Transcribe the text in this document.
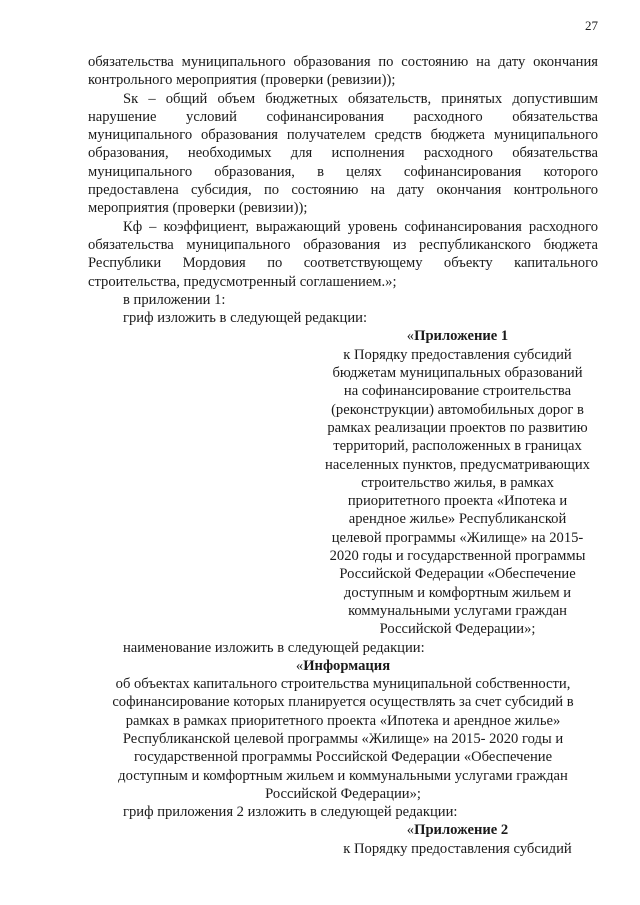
27

обязательства муниципального образования по состоянию на дату окончания контрольного мероприятия (проверки (ревизии));

Sк – общий объем бюджетных обязательств, принятых допустившим нарушение условий софинансирования расходного обязательства муниципального образования получателем средств бюджета муниципального образования, необходимых для исполнения расходного обязательства муниципального образования, в целях софинансирования которого предоставлена субсидия, по состоянию на дату окончания контрольного мероприятия (проверки (ревизии));

Кф – коэффициент, выражающий уровень софинансирования расходного обязательства муниципального образования из республиканского бюджета Республики Мордовия по соответствующему объекту капитального строительства, предусмотренный соглашением.»;

в приложении 1:

гриф изложить в следующей редакции:

«Приложение 1

к Порядку предоставления субсидий

бюджетам муниципальных образований

на софинансирование строительства

(реконструкции) автомобильных дорог в

рамках реализации проектов по развитию

территорий, расположенных в границах

населенных пунктов, предусматривающих

строительство жилья, в рамках

приоритетного проекта «Ипотека и

арендное жилье» Республиканской

целевой программы «Жилище» на 2015-

2020 годы и государственной программы

Российской Федерации «Обеспечение

доступным и комфортным жильем и

коммунальными услугами граждан

Российской Федерации»;

наименование изложить в следующей редакции:

«Информация

об объектах капитального строительства муниципальной собственности,

софинансирование которых планируется осуществлять за счет субсидий в

рамках в рамках приоритетного проекта «Ипотека и арендное жилье»

Республиканской целевой программы «Жилище» на 2015- 2020 годы и

государственной программы Российской Федерации «Обеспечение

доступным и комфортным жильем и коммунальными услугами граждан

Российской Федерации»;

гриф приложения 2 изложить в следующей редакции:

«Приложение 2

к Порядку предоставления субсидий
